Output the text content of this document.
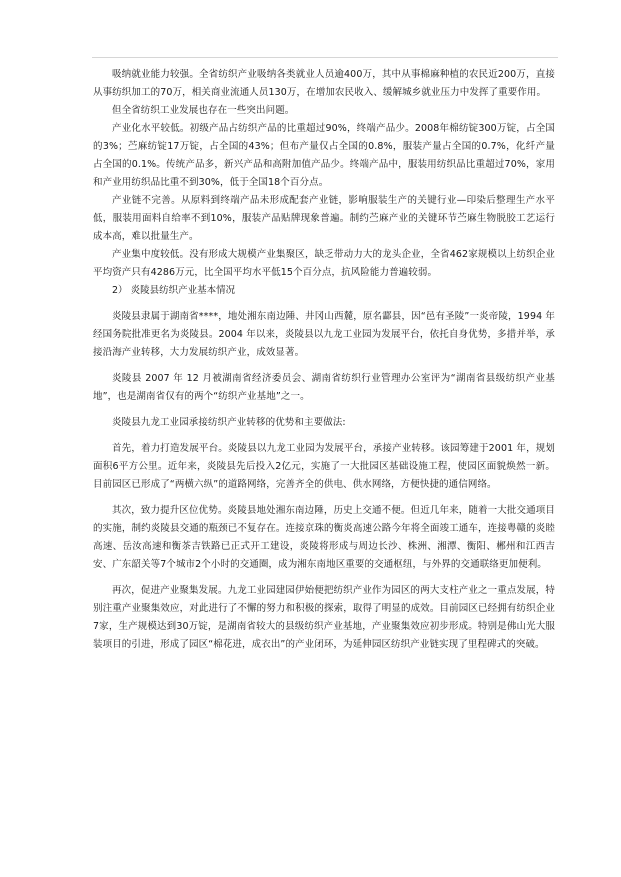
吸纳就业能力较强。全省纺织产业吸纳各类就业人员逾400万，其中从事棉麻种植的农民近200万，直接从事纺织加工的70万，相关商业流通人员130万，在增加农民收入、缓解城乡就业压力中发挥了重要作用。

但全省纺织工业发展也存在一些突出问题。

产业化水平较低。初级产品占纺织产品的比重超过90%，终端产品少。2008年棉纺锭300万锭，占全国的3%；苎麻纺锭17万锭，占全国的43%；但布产量仅占全国的0.8%，服装产量占全国的0.7%，化纤产量占全国的0.1%。传统产品多，新兴产品和高附加值产品少。终端产品中，服装用纺织品比重超过70%，家用和产业用纺织品比重不到30%，低于全国18个百分点。

产业链不完善。从原料到终端产品未形成配套产业链，影响服装生产的关键行业—印染后整理生产水平低，服装用面料自给率不到10%，服装产品贴牌现象普遍。制约苎麻产业的关键环节苎麻生物脱胶工艺运行成本高，难以批量生产。

产业集中度较低。没有形成大规模产业集聚区，缺乏带动力大的龙头企业，全省462家规模以上纺织企业平均资产只有4286万元，比全国平均水平低15个百分点，抗风险能力普遍较弱。

2） 炎陵县纺织产业基本情况

炎陵县隶属于湖南省****，地处湘东南边陲、井冈山西麓，原名酃县，因“邑有圣陵”一炎帝陵，1994 年经国务院批准更名为炎陵县。2004 年以来，炎陵县以九龙工业园为发展平台，依托自身优势，多措并举，承接沿海产业转移，大力发展纺织产业，成效显著。

炎陵县 2007 年 12 月被湖南省经济委员会、湖南省纺织行业管理办公室评为“湖南省县级纺织产业基地”，也是湖南省仅有的两个“纺织产业基地”之一。

炎陵县九龙工业园承接纺织产业转移的优势和主要做法:

首先，着力打造发展平台。炎陵县以九龙工业园为发展平台，承接产业转移。该园筹建于2001 年，规划面积6平方公里。近年来，炎陵县先后投入2亿元，实施了一大批园区基础设施工程，使园区面貌焕然一新。目前园区已形成了“两横六纵”的道路网络，完善齐全的供电、供水网络，方便快捷的通信网络。

其次，致力提升区位优势。炎陵县地处湘东南边陲，历史上交通不便。但近几年来，随着一大批交通项目的实施，制约炎陵县交通的瓶颈已不复存在。连接京珠的衡炎高速公路今年将全面竣工通车，连接粤赣的炎睦高速、岳汝高速和衡茶吉铁路已正式开工建设，炎陵将形成与周边长沙、株洲、湘潭、衡阳、郴州和江西吉安、广东韶关等7个城市2个小时的交通圈，成为湘东南地区重要的交通枢纽，与外界的交通联络更加便利。

再次，促进产业聚集发展。九龙工业园建园伊始便把纺织产业作为园区的两大支柱产业之一重点发展，特别注重产业聚集效应，对此进行了不懈的努力和积极的探索，取得了明显的成效。目前园区已经拥有纺织企业7家，生产规模达到30万锭，是湖南省较大的县级纺织产业基地，产业聚集效应初步形成。特别是佛山光大服装项目的引进，形成了园区“棉花进，成衣出”的产业闭环，为延伸园区纺织产业链实现了里程碑式的突破。
